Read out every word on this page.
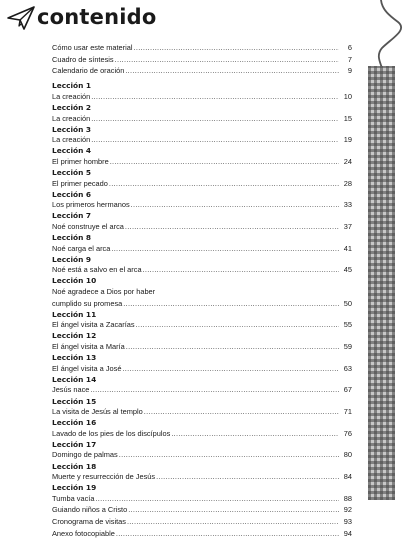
contenido
Cómo usar este material .....	6
Cuadro de síntesis .....	7
Calendario de oración .....	9
Lección 1
La creación .....	10
Lección 2
La creación .....	15
Lección 3
La creación .....	19
Lección 4
El primer hombre .....	24
Lección 5
El primer pecado .....	28
Lección 6
Los primeros hermanos .....	33
Lección 7
Noé construye el arca .....	37
Lección 8
Noé carga el arca .....	41
Lección 9
Noé está a salvo en el arca .....	45
Lección 10
Noé agradece a Dios por haber
cumplido su promesa .....	50
Lección 11
El ángel visita a Zacarías .....	55
Lección 12
El ángel visita a María .....	59
Lección 13
El ángel visita a José .....	63
Lección 14
Jesús nace .....	67
Lección 15
La visita de Jesús al templo .....	71
Lección 16
Lavado de los pies de los discípulos .....	76
Lección 17
Domingo de palmas .....	80
Lección 18
Muerte y resurrección de Jesús .....	84
Lección 19
Tumba vacía .....	88
Guiando niños a Cristo .....	92
Cronograma de visitas .....	93
Anexo fotocopiable .....	94
